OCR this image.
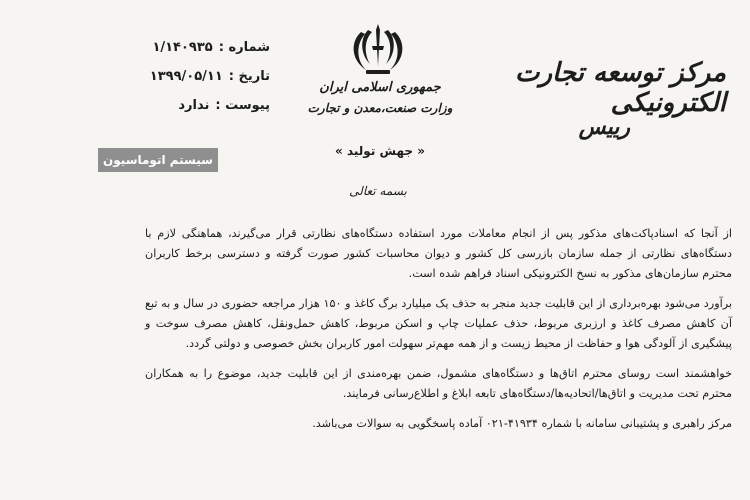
شماره :
۱/۱۴۰۹۳۵
تاریخ :
۱۳۹۹/۰۵/۱۱
پیوست :
ندارد
سیستم اتوماسیون
جمهوری اسلامی ایران
وزارت صنعت،معدن و تجارت
« جهش تولید »
بسمه تعالی
مرکز توسعه تجارت الکترونیکی
رییس

از آنجا که اسنادپاکت‌های مذکور پس از انجام معاملات مورد استفاده دستگاه‌های نظارتی قرار می‌گیرند، هماهنگی لازم با دستگاه‌های نظارتی از جمله سازمان بازرسی کل کشور و دیوان محاسبات کشور صورت گرفته و دسترسی برخط کاربران محترم سازمان‌های مذکور به نسخ الکترونیکی اسناد فراهم شده است.

برآورد می‌شود بهره‌برداری از این قابلیت جدید منجر به حذف یک میلیارد برگ کاغذ و ۱۵۰ هزار مراجعه حضوری در سال و به تبع آن کاهش مصرف کاغذ و ارزبری مربوط، حذف عملیات چاپ و اسکن مربوط، کاهش حمل‌ونقل، کاهش مصرف سوخت و پیشگیری از آلودگی هوا و حفاظت از محیط زیست و از همه مهم‌تر سهولت امور کاربران بخش خصوصی و دولتی گردد.

خواهشمند است روسای محترم اتاق‌ها و دستگاه‌های مشمول، ضمن بهره‌مندی از این قابلیت جدید، موضوع را به همکاران محترم تحت مدیریت و اتاق‌ها/اتحادیه‌ها/دستگاه‌های تابعه ابلاغ و اطلاع‌رسانی فرمایند.

مرکز راهبری و پشتیبانی سامانه با شماره ۴۱۹۳۴-۰۲۱ آماده پاسخگویی به سوالات می‌باشد.
